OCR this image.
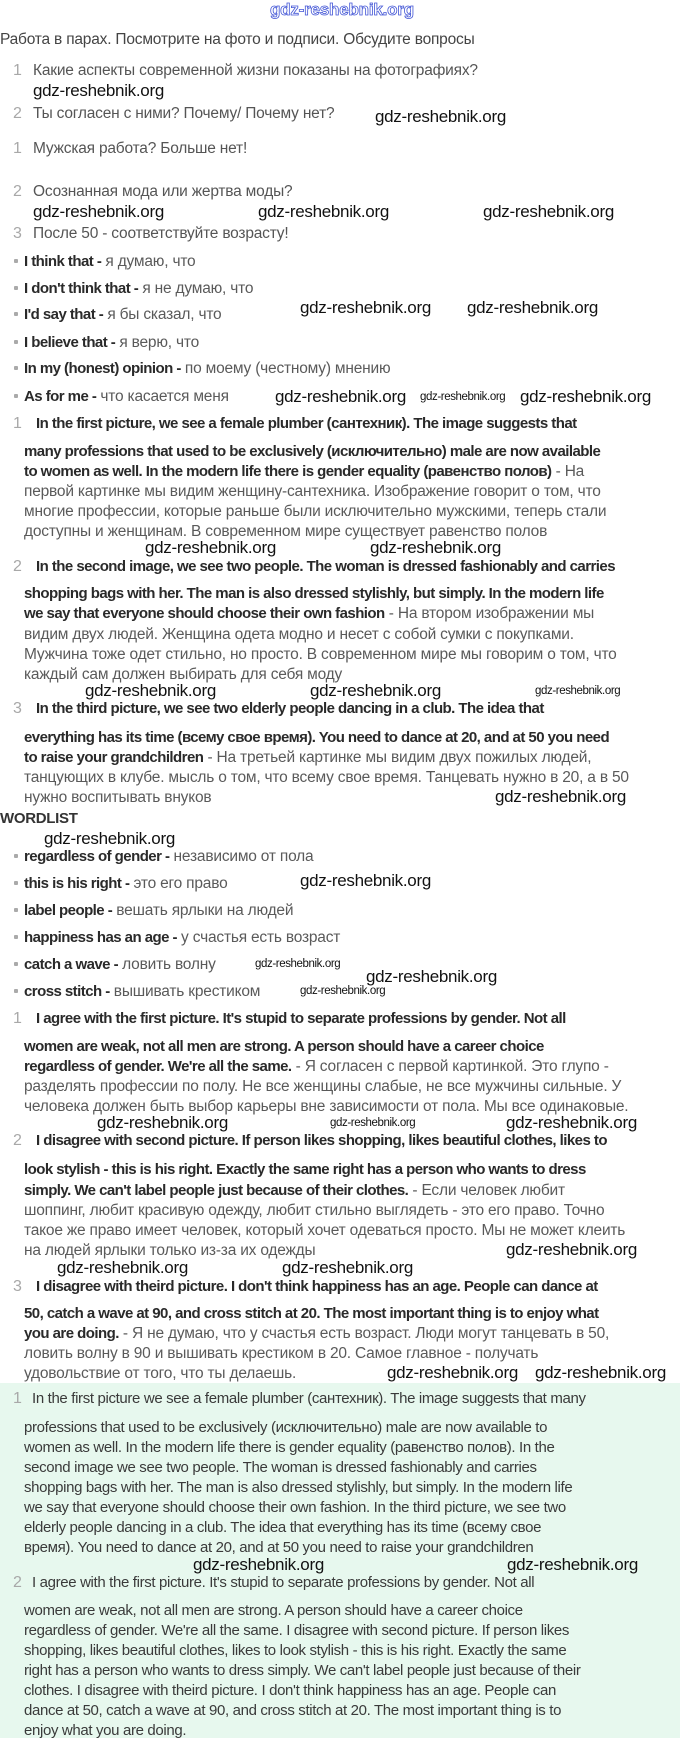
gdz-reshebnik.org
Работа в парах. Посмотрите на фото и подписи. Обсудите вопросы
WORDLIST
1 Какие аспекты современной жизни показаны на фотографиях?
2 Ты согласен с ними? Почему/ Почему нет?
1 Мужская работа? Больше нет!
2 Осознанная мода или жертва моды?
3 После 50 - соответствуйте возрасту!
I think that - я думаю, что
I don't think that - я не думаю, что
I'd say that - я бы сказал, что
I believe that - я верю, что
In my (honest) opinion - по моему (честному) мнению
As for me - что касается меня
regardless of gender - независимо от пола
this is his right - это его право
label people - вешать ярлыки на людей
happiness has an age - у счастья есть возраст
catch a wave - ловить волну
cross stitch - вышивать крестиком
1 In the first picture, we see a female plumber (сантехник). The image suggests that
many professions that used to be exclusively (исключительно) male are now available
to women as well. In the modern life there is gender equality (равенство полов) - На
первой картинке мы видим женщину-сантехника. Изображение говорит о том, что
многие профессии, которые раньше были исключительно мужскими, теперь стали
доступны и женщинам. В современном мире существует равенство полов
2 In the second image, we see two people. The woman is dressed fashionably and carries
shopping bags with her. The man is also dressed stylishly, but simply. In the modern life
we say that everyone should choose their own fashion - На втором изображении мы
видим двух людей. Женщина одета модно и несет с собой сумки с покупками.
Мужчина тоже одет стильно, но просто. В современном мире мы говорим о том, что
каждый сам должен выбирать для себя моду
3 In the third picture, we see two elderly people dancing in a club. The idea that
everything has its time (всему свое время). You need to dance at 20, and at 50 you need
to raise your grandchildren - На третьей картинке мы видим двух пожилых людей,
танцующих в клубе. мысль о том, что всему свое время. Танцевать нужно в 20, а в 50
нужно воспитывать внуков
1 I agree with the first picture. It's stupid to separate professions by gender. Not all
women are weak, not all men are strong. A person should have a career choice
regardless of gender. We're all the same. - Я согласен с первой картинкой. Это глупо -
разделять профессии по полу. Не все женщины слабые, не все мужчины сильные. У
человека должен быть выбор карьеры вне зависимости от пола. Мы все одинаковые.
2 I disagree with second picture. If person likes shopping, likes beautiful clothes, likes to
look stylish - this is his right. Exactly the same right has a person who wants to dress
simply. We can't label people just because of their clothes. - Если человек любит
шоппинг, любит красивую одежду, любит стильно выглядеть - это его право. Точно
такое же право имеет человек, который хочет одеваться просто. Мы не может клеить
на людей ярлыки только из-за их одежды
3 I disagree with theird picture. I don't think happiness has an age. People can dance at
50, catch a wave at 90, and cross stitch at 20. The most important thing is to enjoy what
you are doing. - Я не думаю, что у счастья есть возраст. Люди могут танцевать в 50,
ловить волну в 90 и вышивать крестиком в 20. Самое главное - получать
удовольствие от того, что ты делаешь.
1 In the first picture we see a female plumber (сантехник). The image suggests that many
professions that used to be exclusively (исключительно) male are now available to
women as well. In the modern life there is gender equality (равенство полов). In the
second image we see two people. The woman is dressed fashionably and carries
shopping bags with her. The man is also dressed stylishly, but simply. In the modern life
we say that everyone should choose their own fashion. In the third picture, we see two
elderly people dancing in a club. The idea that everything has its time (всему свое
время). You need to dance at 20, and at 50 you need to raise your grandchildren
2 I agree with the first picture. It's stupid to separate professions by gender. Not all
women are weak, not all men are strong. A person should have a career choice
regardless of gender. We're all the same. I disagree with second picture. If person likes
shopping, likes beautiful clothes, likes to look stylish - this is his right. Exactly the same
right has a person who wants to dress simply. We can't label people just because of their
clothes. I disagree with theird picture. I don't think happiness has an age. People can
dance at 50, catch a wave at 90, and cross stitch at 20. The most important thing is to
enjoy what you are doing.
gdz-reshebnik.org
gdz-reshebnik.org
gdz-reshebnik.org	gdz-reshebnik.org	gdz-reshebnik.org
gdz-reshebnik.org gdz-reshebnik.org
gdz-reshebnik.org gdz-reshebnik.org gdz-reshebnik.org
gdz-reshebnik.org	gdz-reshebnik.org
gdz-reshebnik.org
gdz-reshebnik.org	gdz-reshebnik.org
gdz-reshebnik.org
gdz-reshebnik.org
gdz-reshebnik.org
gdz-reshebnik.org
gdz-reshebnik.org
gdz-reshebnik.org
gdz-reshebnik.org	gdz-reshebnik.org	gdz-reshebnik.org
gdz-reshebnik.org
gdz-reshebnik.org	gdz-reshebnik.org
gdz-reshebnik.org gdz-reshebnik.org
gdz-reshebnik.org	gdz-reshebnik.org
